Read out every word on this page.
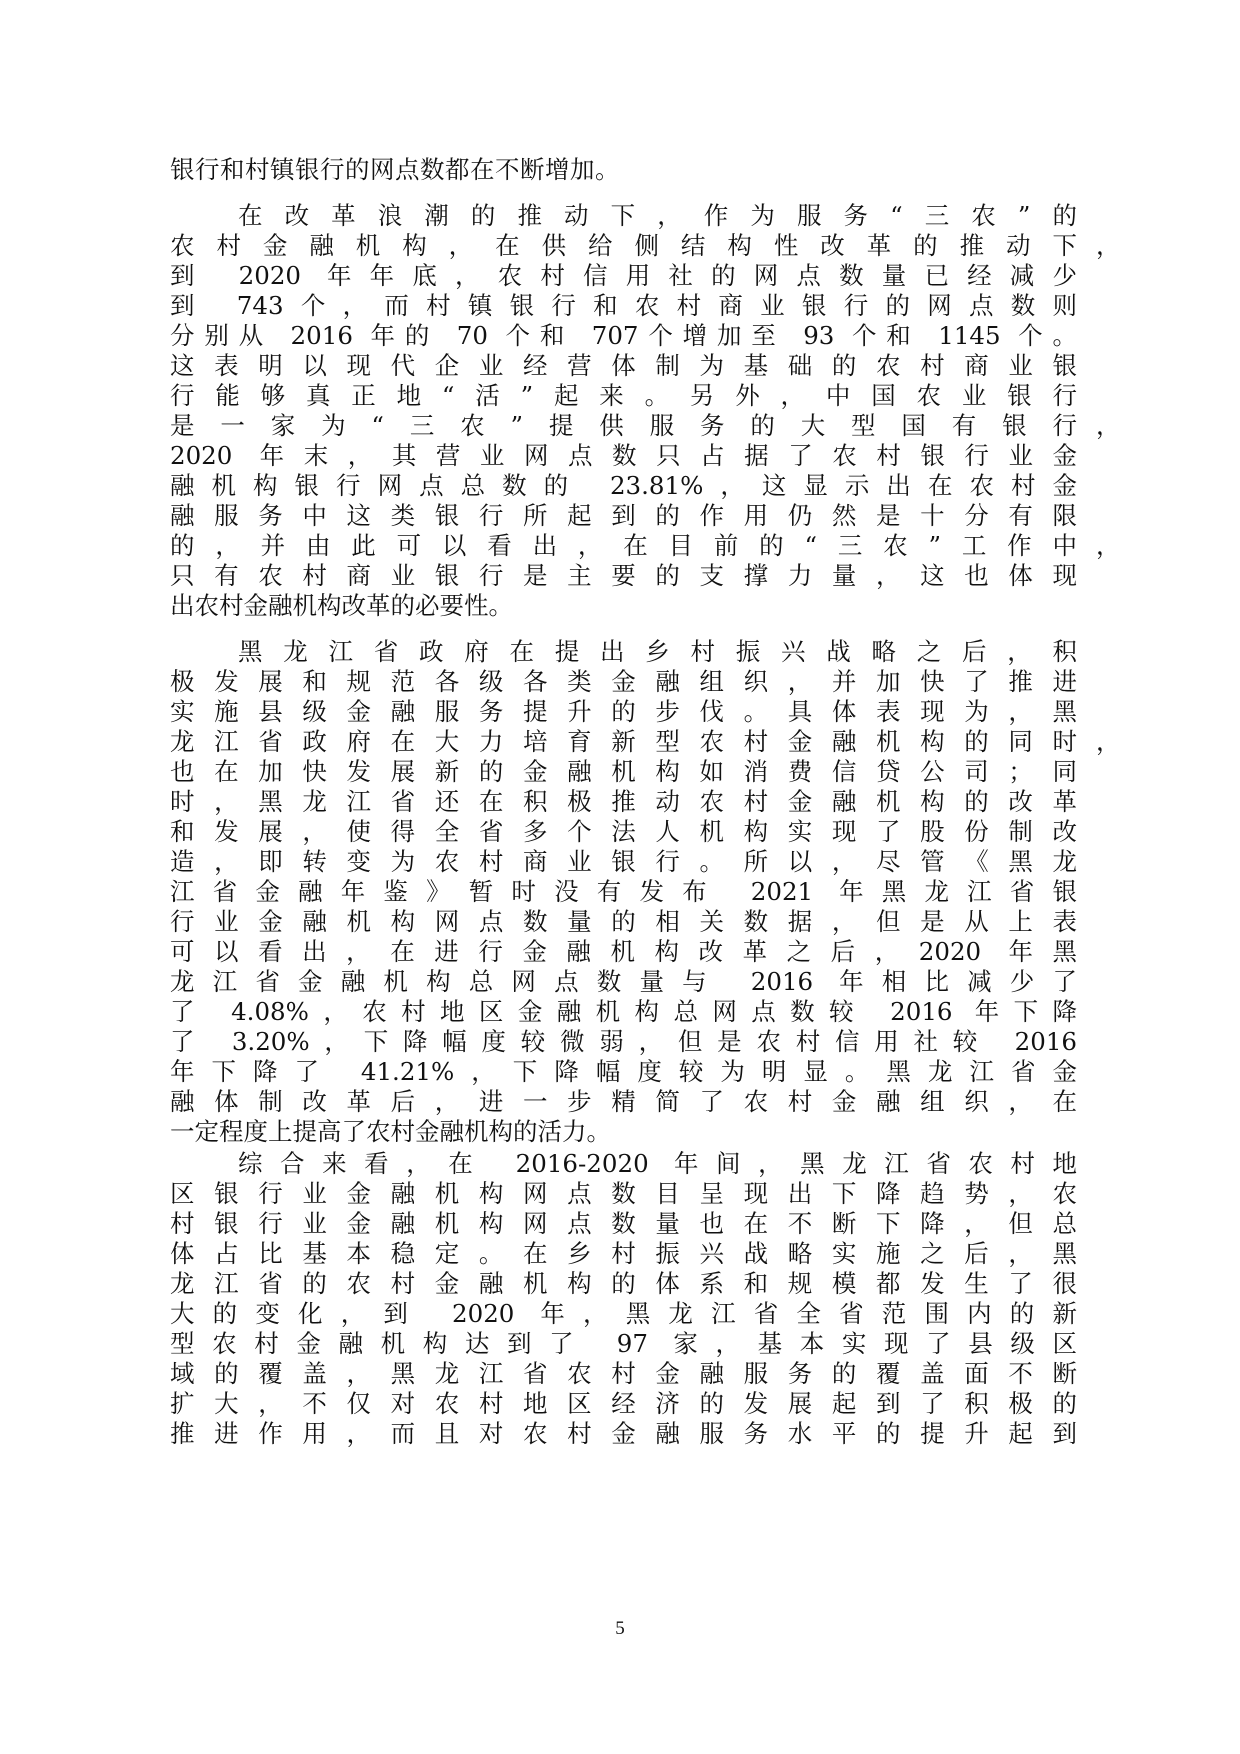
银行和村镇银行的网点数都在不断增加。
在改革浪潮的推动下，作为服务“三农”的
农村金融机构，在供给侧结构性改革的推动下 ，
到 2020 年年底，农村信用社的网点数量已经减少
到 743个，而村镇银行和农村商业银行的网点数则
分别从 2016 年的 70 个和 707个增加至 93 个和 1145 个。
这表明以现代企业经营体制为基础的农村商业银
行能够真正地“活”起来。另外，中国农业银行
是一家为“三农”提供服务的大型国有银行 ，
2020 年末，其营业网点数只占据了农村银行业金
融机构银行网点总数的 23.81%，这显示出在农村金
融服务中这类银行所起到的作用仍然是十分有限
的，并由此可以看出，在目前的“三农”工作中 ，
只有农村商业银行是主要的支撑力量，这也体现
出农村金融机构改革的必要性。
黑龙江省政府在提出乡村振兴战略之后，积
极发展和规范各级各类金融组织，并加快了推进
实施县级金融服务提升的步伐。具体表现为，黑
龙江省政府在大力培育新型农村金融机构的同时 ，
也在加快发展新的金融机构如消费信贷公司；同
时，黑龙江省还在积极推动农村金融机构的改革
和发展，使得全省多个法人机构实现了股份制改
造，即转变为农村商业银行。所以，尽管《黑龙
江省金融年鉴》暂时没有发布 2021 年黑龙江省银
行业金融机构网点数量的相关数据，但是从上表
可以看出，在进行金融机构改革之后，2020 年黑
龙江省金融机构总网点数量与 2016 年相比减少了
了 4.08%，农村地区金融机构总网点数较 2016 年下降
了 3.20%，下降幅度较微弱，但是农村信用社较 2016
年下降了 41.21%，下降幅度较为明显。黑龙江省金
融体制改革后，进一步精简了农村金融组织，在
一定程度上提高了农村金融机构的活力。
综合来看，在 2016-2020 年间，黑龙江省农村地
区银行业金融机构网点数目呈现出下降趋势，农
村银行业金融机构网点数量也在不断下降，但总
体占比基本稳定。在乡村振兴战略实施之后，黑
龙江省的农村金融机构的体系和规模都发生了很
大的变化，到 2020 年，黑龙江省全省范围内的新
型农村金融机构达到了 97 家，基本实现了县级区
域的覆盖，黑龙江省农村金融服务的覆盖面不断
扩大，不仅对农村地区经济的发展起到了积极的
推进作用，而且对农村金融服务水平的提升起到
5
